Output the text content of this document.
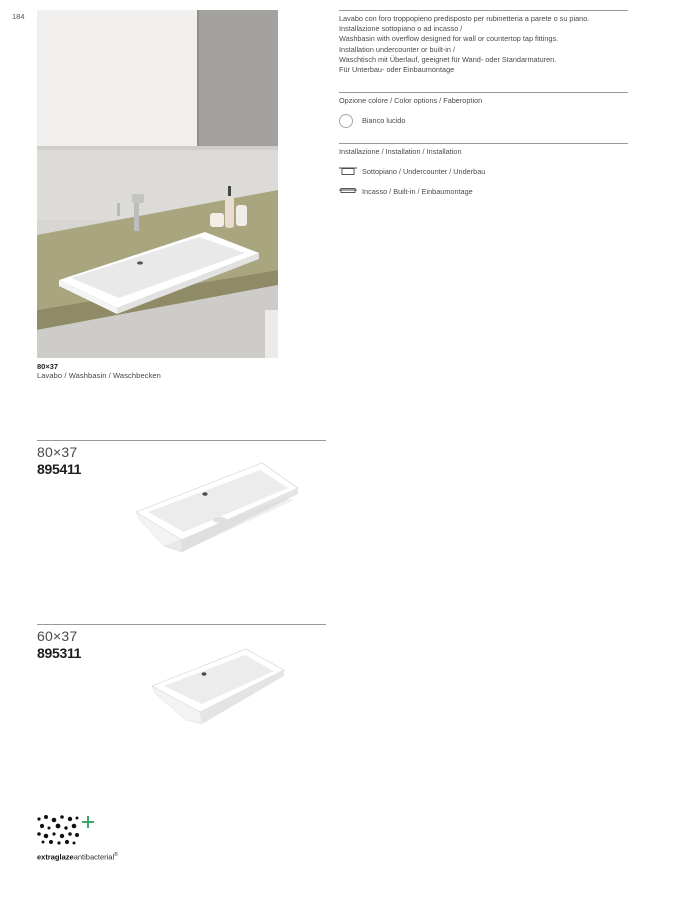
184
80×37
Lavabo / Washbasin / Waschbecken
Lavabo con foro troppopieno predisposto per rubinetteria a parete o su piano.
Installazione sottopiano o ad incasso /
Washbasin with overflow designed for wall or countertop tap fittings.
Installation undercounter or built-in /
Waschtisch mit Überlauf, geeignet für Wand- oder Standarmaturen.
Für Unterbau- oder Einbaumontage
Opzione colore / Color options / Faberoption
Bianco lucido
Installazione / Installation / Installation
Sottopiano / Undercounter / Underbau
Incasso / Built-in / Einbaumontage
80×37
895411
60×37
895311
extraglazeantibacterial®
